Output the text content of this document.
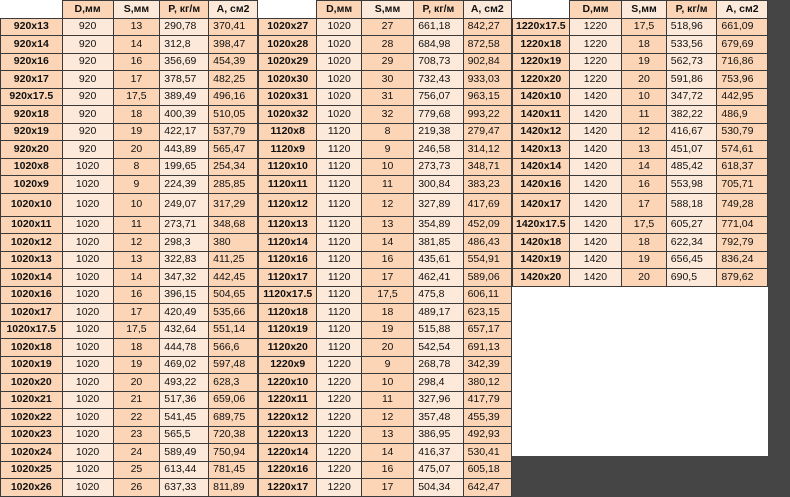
	D,мм	S,мм	P, кг/м	A, см2
920x13	920	13	290,78	370,41
920x14	920	14	312,8	398,47
920x16	920	16	356,69	454,39
920x17	920	17	378,57	482,25
920x17.5	920	17,5	389,49	496,16
920x18	920	18	400,39	510,05
920x19	920	19	422,17	537,79
920x20	920	20	443,89	565,47
1020x8	1020	8	199,65	254,34
1020x9	1020	9	224,39	285,85
1020x10	1020	10	249,07	317,29
1020x11	1020	11	273,71	348,68
1020x12	1020	12	298,3	380
1020x13	1020	13	322,83	411,25
1020x14	1020	14	347,32	442,45
1020x16	1020	16	396,15	504,65
1020x17	1020	17	420,49	535,66
1020x17.5	1020	17,5	432,64	551,14
1020x18	1020	18	444,78	566,6
1020x19	1020	19	469,02	597,48
1020x20	1020	20	493,22	628,3
1020x21	1020	21	517,36	659,06
1020x22	1020	22	541,45	689,75
1020x23	1020	23	565,5	720,38
1020x24	1020	24	589,49	750,94
1020x25	1020	25	613,44	781,45
1020x26	1020	26	637,33	811,89
	D,мм	S,мм	P, кг/м	A, см2
1020x27	1020	27	661,18	842,27
1020x28	1020	28	684,98	872,58
1020x29	1020	29	708,73	902,84
1020x30	1020	30	732,43	933,03
1020x31	1020	31	756,07	963,15
1020x32	1020	32	779,68	993,22
1120x8	1120	8	219,38	279,47
1120x9	1120	9	246,58	314,12
1120x10	1120	10	273,73	348,71
1120x11	1120	11	300,84	383,23
1120x12	1120	12	327,89	417,69
1120x13	1120	13	354,89	452,09
1120x14	1120	14	381,85	486,43
1120x16	1120	16	435,61	554,91
1120x17	1120	17	462,41	589,06
1120x17.5	1120	17,5	475,8	606,11
1120x18	1120	18	489,17	623,15
1120x19	1120	19	515,88	657,17
1120x20	1120	20	542,54	691,13
1220x9	1220	9	268,78	342,39
1220x10	1220	10	298,4	380,12
1220x11	1220	11	327,96	417,79
1220x12	1220	12	357,48	455,39
1220x13	1220	13	386,95	492,93
1220x14	1220	14	416,37	530,41
1220x16	1220	16	475,07	605,18
1220x17	1220	17	504,34	642,47
	D,мм	S,мм	P, кг/м	A, см2
1220x17.5	1220	17,5	518,96	661,09
1220x18	1220	18	533,56	679,69
1220x19	1220	19	562,73	716,86
1220x20	1220	20	591,86	753,96
1420x10	1420	10	347,72	442,95
1420x11	1420	11	382,22	486,9
1420x12	1420	12	416,67	530,79
1420x13	1420	13	451,07	574,61
1420x14	1420	14	485,42	618,37
1420x16	1420	16	553,98	705,71
1420x17	1420	17	588,18	749,28
1420x17.5	1420	17,5	605,27	771,04
1420x18	1420	18	622,34	792,79
1420x19	1420	19	656,45	836,24
1420x20	1420	20	690,5	879,62
